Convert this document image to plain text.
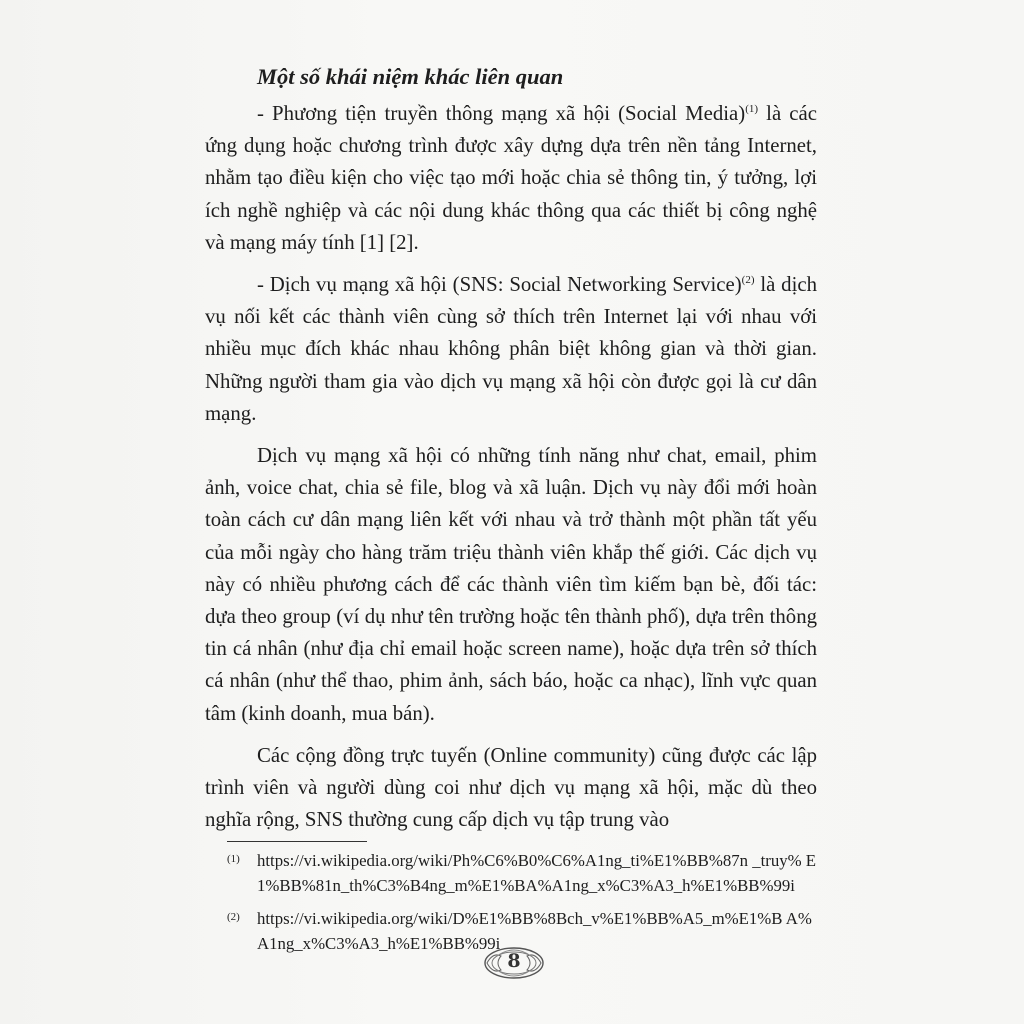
Một số khái niệm khác liên quan

- Phương tiện truyền thông mạng xã hội (Social Media)$^{(1)}$ là các ứng dụng hoặc chương trình được xây dựng dựa trên nền tảng Internet, nhằm tạo điều kiện cho việc tạo mới hoặc chia sẻ thông tin, ý tưởng, lợi ích nghề nghiệp và các nội dung khác thông qua các thiết bị công nghệ và mạng máy tính [1] [2].

- Dịch vụ mạng xã hội (SNS: Social Networking Service)$^{(2)}$ là dịch vụ nối kết các thành viên cùng sở thích trên Internet lại với nhau với nhiều mục đích khác nhau không phân biệt không gian và thời gian. Những người tham gia vào dịch vụ mạng xã hội còn được gọi là cư dân mạng.

Dịch vụ mạng xã hội có những tính năng như chat, email, phim ảnh, voice chat, chia sẻ file, blog và xã luận. Dịch vụ này đổi mới hoàn toàn cách cư dân mạng liên kết với nhau và trở thành một phần tất yếu của mỗi ngày cho hàng trăm triệu thành viên khắp thế giới. Các dịch vụ này có nhiều phương cách để các thành viên tìm kiếm bạn bè, đối tác: dựa theo group (ví dụ như tên trường hoặc tên thành phố), dựa trên thông tin cá nhân (như địa chỉ email hoặc screen name), hoặc dựa trên sở thích cá nhân (như thể thao, phim ảnh, sách báo, hoặc ca nhạc), lĩnh vực quan tâm (kinh doanh, mua bán).

Các cộng đồng trực tuyến (Online community) cũng được các lập trình viên và người dùng coi như dịch vụ mạng xã hội, mặc dù theo nghĩa rộng, SNS thường cung cấp dịch vụ tập trung vào

(1) https://vi.wikipedia.org/wiki/Ph%C6%B0%C6%A1ng_ti%E1%BB%87n _truy% E1%BB%81n_th%C3%B4ng_m%E1%BA%A1ng_x%C3%A3_h%E1%BB%99i
(2) https://vi.wikipedia.org/wiki/D%E1%BB%8Bch_v%E1%BB%A5_m%E1%B A%A1ng_x%C3%A3_h%E1%BB%99i
8
